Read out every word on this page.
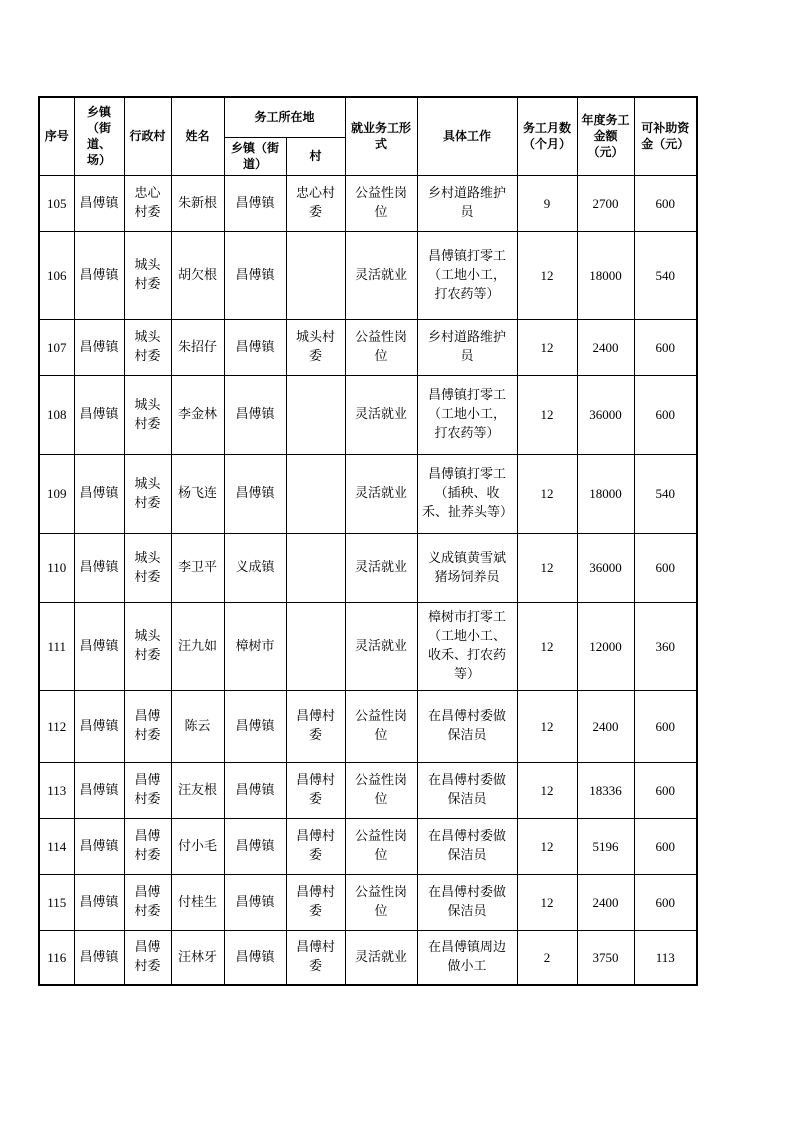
序号	乡镇（街道、场）	行政村	姓名	务工所在地		就业务工形式	具体工作	务工月数（个月）	年度务工金额（元）	可补助资金（元）
				乡镇（街道）	村					
105	昌傅镇	忠心村委	朱新根	昌傅镇	忠心村委	公益性岗位	乡村道路维护员	9	2700	600
106	昌傅镇	城头村委	胡欠根	昌傅镇		灵活就业	昌傅镇打零工（工地小工，打农药等）	12	18000	540
107	昌傅镇	城头村委	朱招仔	昌傅镇	城头村委	公益性岗位	乡村道路维护员	12	2400	600
108	昌傅镇	城头村委	李金林	昌傅镇		灵活就业	昌傅镇打零工（工地小工，打农药等）	12	36000	600
109	昌傅镇	城头村委	杨飞连	昌傅镇		灵活就业	昌傅镇打零工（插秧、收禾、扯荞头等）	12	18000	540
110	昌傅镇	城头村委	李卫平	义成镇		灵活就业	义成镇黄雪斌猪场饲养员	12	36000	600
111	昌傅镇	城头村委	汪九如	樟树市		灵活就业	樟树市打零工（工地小工、收禾、打农药等）	12	12000	360
112	昌傅镇	昌傅村委	陈云	昌傅镇	昌傅村委	公益性岗位	在昌傅村委做保洁员	12	2400	600
113	昌傅镇	昌傅村委	汪友根	昌傅镇	昌傅村委	公益性岗位	在昌傅村委做保洁员	12	18336	600
114	昌傅镇	昌傅村委	付小毛	昌傅镇	昌傅村委	公益性岗位	在昌傅村委做保洁员	12	5196	600
115	昌傅镇	昌傅村委	付桂生	昌傅镇	昌傅村委	公益性岗位	在昌傅村委做保洁员	12	2400	600
116	昌傅镇	昌傅村委	汪林牙	昌傅镇	昌傅村委	灵活就业	在昌傅镇周边做小工	2	3750	113
